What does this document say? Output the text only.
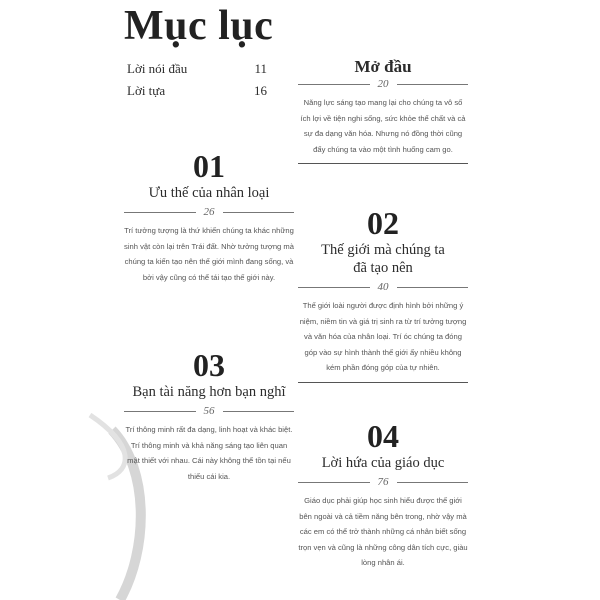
Mục lục
Lời nói đầu	11
Lời tựa	16
Mở đầu
20
Năng lực sáng tạo mang lại cho chúng ta vô số ích lợi về tiện nghi sống, sức khỏe thể chất và cả sự đa dạng văn hóa. Nhưng nó đồng thời cũng đẩy chúng ta vào một tình huống cam go.
01
Ưu thế của nhân loại
26
Trí tưởng tượng là thứ khiến chúng ta khác những sinh vật còn lại trên Trái đất. Nhờ tưởng tượng mà chúng ta kiến tạo nên thế giới mình đang sống, và bởi vậy cũng có thể tái tạo thế giới này.
02
Thế giới mà chúng ta đã tạo nên
40
Thế giới loài người được định hình bởi những ý niệm, niềm tin và giá trị sinh ra từ trí tưởng tượng và văn hóa của nhân loại. Trí óc chúng ta đóng góp vào sự hình thành thế giới ấy nhiều không kém phần đóng góp của tự nhiên.
03
Bạn tài năng hơn bạn nghĩ
56
Trí thông minh rất đa dạng, linh hoạt và khác biệt. Trí thông minh và khả năng sáng tạo liên quan mật thiết với nhau. Cái này không thể tồn tại nếu thiếu cái kia.
04
Lời hứa của giáo dục
76
Giáo dục phải giúp học sinh hiểu được thế giới bên ngoài và cả tiềm năng bên trong, nhờ vậy mà các em có thể trở thành những cá nhân biết sống trọn vẹn và cũng là những công dân tích cực, giàu lòng nhân ái.
